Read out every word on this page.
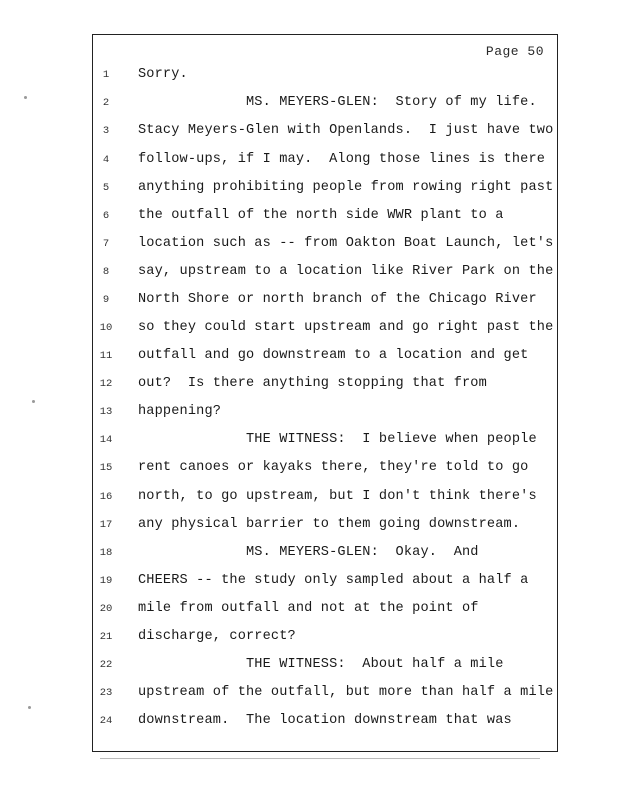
Page 50
1	Sorry.
2	MS. MEYERS-GLEN:  Story of my life.
3	Stacy Meyers-Glen with Openlands.  I just have two
4	follow-ups, if I may.  Along those lines is there
5	anything prohibiting people from rowing right past
6	the outfall of the north side WWR plant to a
7	location such as -- from Oakton Boat Launch, let's
8	say, upstream to a location like River Park on the
9	North Shore or north branch of the Chicago River
10 so they could start upstream and go right past the
11 outfall and go downstream to a location and get
12 out?  Is there anything stopping that from
13 happening?
14	THE WITNESS:  I believe when people
15 rent canoes or kayaks there, they're told to go
16 north, to go upstream, but I don't think there's
17 any physical barrier to them going downstream.
18	MS. MEYERS-GLEN:  Okay.  And
19 CHEERS -- the study only sampled about a half a
20 mile from outfall and not at the point of
21 discharge, correct?
22	THE WITNESS:  About half a mile
23 upstream of the outfall, but more than half a mile
24 downstream.  The location downstream that was
